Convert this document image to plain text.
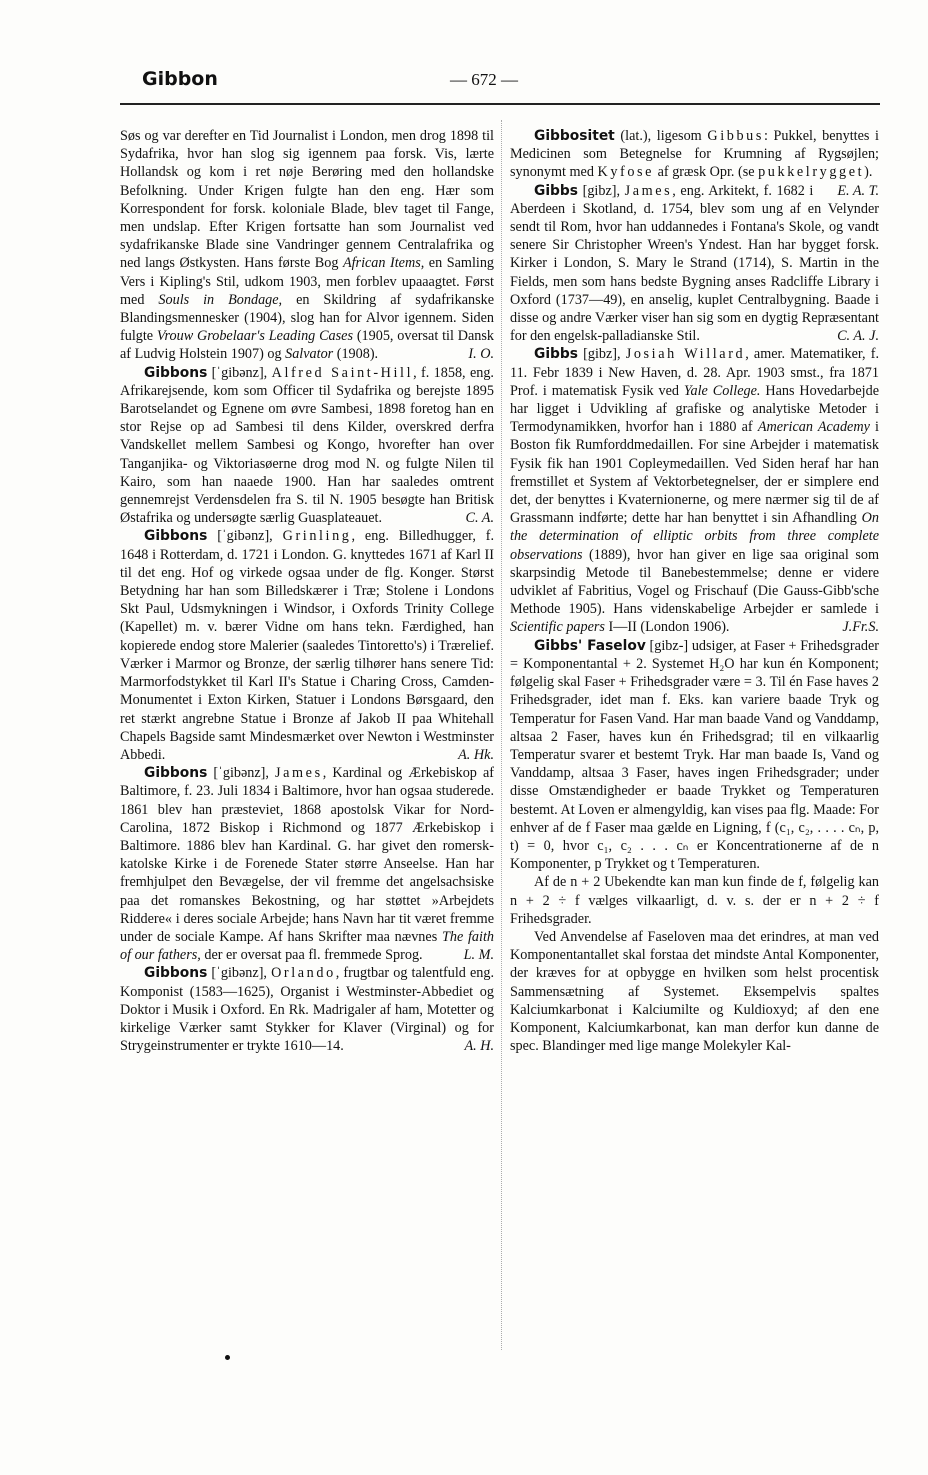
Gibbon	— 672 —

Søs og var derefter en Tid Journalist i London, men drog 1898 til Sydafrika, hvor han slog sig igennem paa forsk. Vis, lærte Hollandsk og kom i ret nøje Berøring med den hollandske Befolkning. Under Krigen fulgte han den eng. Hær som Korrespondent for forsk. koloniale Blade, blev taget til Fange, men undslap. Efter Krigen fortsatte han som Journalist ved sydafrikanske Blade sine Vandringer gennem Centralafrika og ned langs Østkysten. Hans første Bog African Items, en Samling Vers i Kipling's Stil, udkom 1903, men forblev upaaagtet. Først med Souls in Bondage, en Skildring af sydafrikanske Blandingsmennesker (1904), slog han for Alvor igennem. Siden fulgte Vrouw Grobelaar's Leading Cases (1905, oversat til Dansk af Ludvig Holstein 1907) og Salvator (1908).	I. O.

Gibbons [ˈgibənz], Alfred Saint-Hill, f. 1858, eng. Afrikarejsende, kom som Officer til Sydafrika og berejste 1895 Barotselandet og Egnene om øvre Sambesi, 1898 foretog han en stor Rejse op ad Sambesi til dens Kilder, overskred derfra Vandskellet mellem Sambesi og Kongo, hvorefter han over Tanganjika- og Viktoriasøerne drog mod N. og fulgte Nilen til Kairo, som han naaede 1900. Han har saaledes omtrent gennemrejst Verdensdelen fra S. til N. 1905 besøgte han Britisk Østafrika og undersøgte særlig Guasplateauet.	C. A.

Gibbons [ˈgibənz], Grinling, eng. Billedhugger, f. 1648 i Rotterdam, d. 1721 i London. G. knyttedes 1671 af Karl II til det eng. Hof og virkede ogsaa under de flg. Konger. Størst Betydning har han som Billedskærer i Træ; Stolene i Londons Skt Paul, Udsmykningen i Windsor, i Oxfords Trinity College (Kapellet) m. v. bærer Vidne om hans tekn. Færdighed, han kopierede endog store Malerier (saaledes Tintoretto's) i Trærelief. Værker i Marmor og Bronze, der særlig tilhører hans senere Tid: Marmorfodstykket til Karl II's Statue i Charing Cross, Camden-Monumentet i Exton Kirken, Statuer i Londons Børsgaard, den ret stærkt angrebne Statue i Bronze af Jakob II paa Whitehall Chapels Bagside samt Mindesmærket over Newton i Westminster Abbedi.	A. Hk.

Gibbons [ˈgibənz], James, Kardinal og Ærkebiskop af Baltimore, f. 23. Juli 1834 i Baltimore, hvor han ogsaa studerede. 1861 blev han præsteviet, 1868 apostolsk Vikar for Nord-Carolina, 1872 Biskop i Richmond og 1877 Ærkebiskop i Baltimore. 1886 blev han Kardinal. G. har givet den romersk-katolske Kirke i de Forenede Stater større Anseelse. Han har fremhjulpet den Bevægelse, der vil fremme det angelsachsiske paa det romanskes Bekostning, og har støttet »Arbejdets Riddere« i deres sociale Arbejde; hans Navn har tit været fremme under de sociale Kampe. Af hans Skrifter maa nævnes The faith of our fathers, der er oversat paa fl. fremmede Sprog.	L. M.

Gibbons [ˈgibənz], Orlando, frugtbar og talentfuld eng. Komponist (1583—1625), Organist i Westminster-Abbediet og Doktor i Musik i Oxford. En Rk. Madrigaler af ham, Motetter og kirkelige Værker samt Stykker for Klaver (Virginal) og for Strygeinstrumenter er trykte 1610—14.	A. H.

Gibbositet (lat.), ligesom Gibbus: Pukkel, benyttes i Medicinen som Betegnelse for Krumning af Rygsøjlen; synonymt med Kyfose af græsk Opr. (se pukkelrygget).
E. A. T.

Gibbs [gibz], James, eng. Arkitekt, f. 1682 i Aberdeen i Skotland, d. 1754, blev som ung af en Velynder sendt til Rom, hvor han uddannedes i Fontana's Skole, og vandt senere Sir Christopher Wreen's Yndest. Han har bygget forsk. Kirker i London, S. Mary le Strand (1714), S. Martin in the Fields, men som hans bedste Bygning anses Radcliffe Library i Oxford (1737—49), en anselig, kuplet Centralbygning. Baade i disse og andre Værker viser han sig som en dygtig Repræsentant for den engelsk-palladianske Stil.	C. A. J.

Gibbs [gibz], Josiah Willard, amer. Matematiker, f. 11. Febr 1839 i New Haven, d. 28. Apr. 1903 smst., fra 1871 Prof. i matematisk Fysik ved Yale College. Hans Hovedarbejde har ligget i Udvikling af grafiske og analytiske Metoder i Termodynamikken, hvorfor han i 1880 af American Academy i Boston fik Rumforddmedaillen. For sine Arbejder i matematisk Fysik fik han 1901 Copleymedaillen. Ved Siden heraf har han fremstillet et System af Vektorbetegnelser, der er simplere end det, der benyttes i Kvaternionerne, og mere nærmer sig til de af Grassmann indførte; dette har han benyttet i sin Afhandling On the determination of elliptic orbits from three complete observations (1889), hvor han giver en lige saa original som skarpsindig Metode til Banebestemmelse; denne er videre udviklet af Fabritius, Vogel og Frischauf (Die Gauss-Gibb'sche Methode 1905). Hans videnskabelige Arbejder er samlede i Scientific papers I—II (London 1906).	J.Fr.S.

Gibbs' Faselov [gibz-] udsiger, at Faser + Frihedsgrader = Komponentantal + 2. Systemet H₂O har kun én Komponent; følgelig skal Faser + Frihedsgrader være = 3. Til én Fase haves 2 Frihedsgrader, idet man f. Eks. kan variere baade Tryk og Temperatur for Fasen Vand. Har man baade Vand og Vanddamp, altsaa 2 Faser, haves kun én Frihedsgrad; til en vilkaarlig Temperatur svarer et bestemt Tryk. Har man baade Is, Vand og Vanddamp, altsaa 3 Faser, haves ingen Frihedsgrader; under disse Omstændigheder er baade Trykket og Temperaturen bestemt. At Loven er almengyldig, kan vises paa flg. Maade: For enhver af de f Faser maa gælde en Ligning, f (c₁, c₂, . . . . cₙ, p, t) = 0, hvor c₁, c₂ . . . cₙ er Koncentrationerne af de n Komponenter, p Trykket og t Temperaturen.

Af de n + 2 Ubekendte kan man kun finde de f, følgelig kan n + 2 ÷ f vælges vilkaarligt, d. v. s. der er n + 2 ÷ f Frihedsgrader.

Ved Anvendelse af Faseloven maa det erindres, at man ved Komponentantallet skal forstaa det mindste Antal Komponenter, der kræves for at opbygge en hvilken som helst procentisk Sammensætning af Systemet. Eksempelvis spaltes Kalciumkarbonat i Kalciumilte og Kuldioxyd; af den ene Komponent, Kalciumkarbonat, kan man derfor kun danne de spec. Blandinger med lige mange Molekyler Kal-
